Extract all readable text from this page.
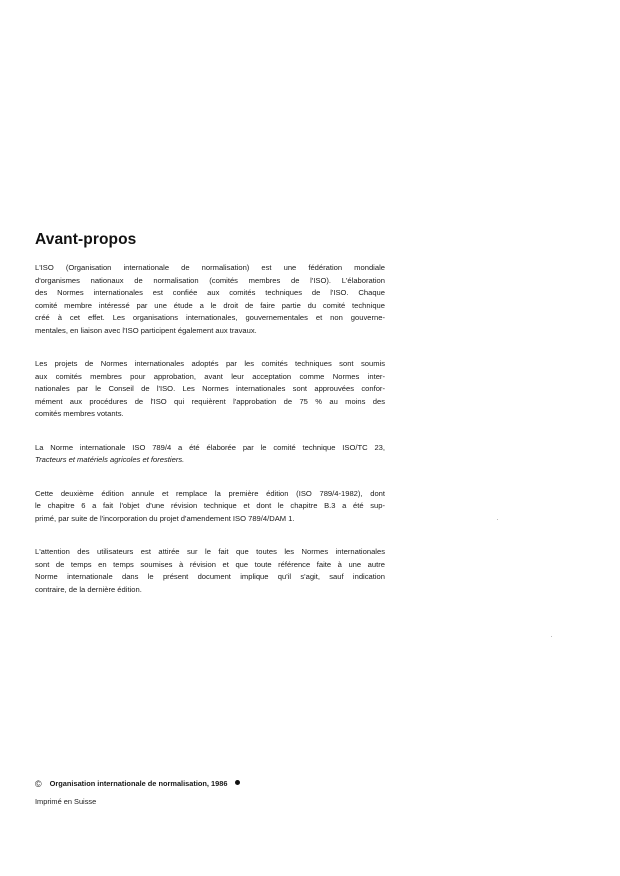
Avant-propos

L'ISO (Organisation internationale de normalisation) est une fédération mondiale
d'organismes nationaux de normalisation (comités membres de l'ISO). L'élaboration
des Normes internationales est confiée aux comités techniques de l'ISO. Chaque
comité membre intéressé par une étude a le droit de faire partie du comité technique
créé à cet effet. Les organisations internationales, gouvernementales et non gouverne-
mentales, en liaison avec l'ISO participent également aux travaux.

Les projets de Normes internationales adoptés par les comités techniques sont soumis
aux comités membres pour approbation, avant leur acceptation comme Normes inter-
nationales par le Conseil de l'ISO. Les Normes internationales sont approuvées confor-
mément aux procédures de l'ISO qui requièrent l'approbation de 75 % au moins des
comités membres votants.

La Norme internationale ISO 789/4 a été élaborée par le comité technique ISO/TC 23,
Tracteurs et matériels agricoles et forestiers.

Cette deuxième édition annule et remplace la première édition (ISO 789/4-1982), dont
le chapitre 6 a fait l'objet d'une révision technique et dont le chapitre B.3 a été sup-
primé, par suite de l'incorporation du projet d'amendement ISO 789/4/DAM 1.

L'attention des utilisateurs est attirée sur le fait que toutes les Normes internationales
sont de temps en temps soumises à révision et que toute référence faite à une autre
Norme internationale dans le présent document implique qu'il s'agit, sauf indication
contraire, de la dernière édition.

© Organisation internationale de normalisation, 1986
Imprimé en Suisse
